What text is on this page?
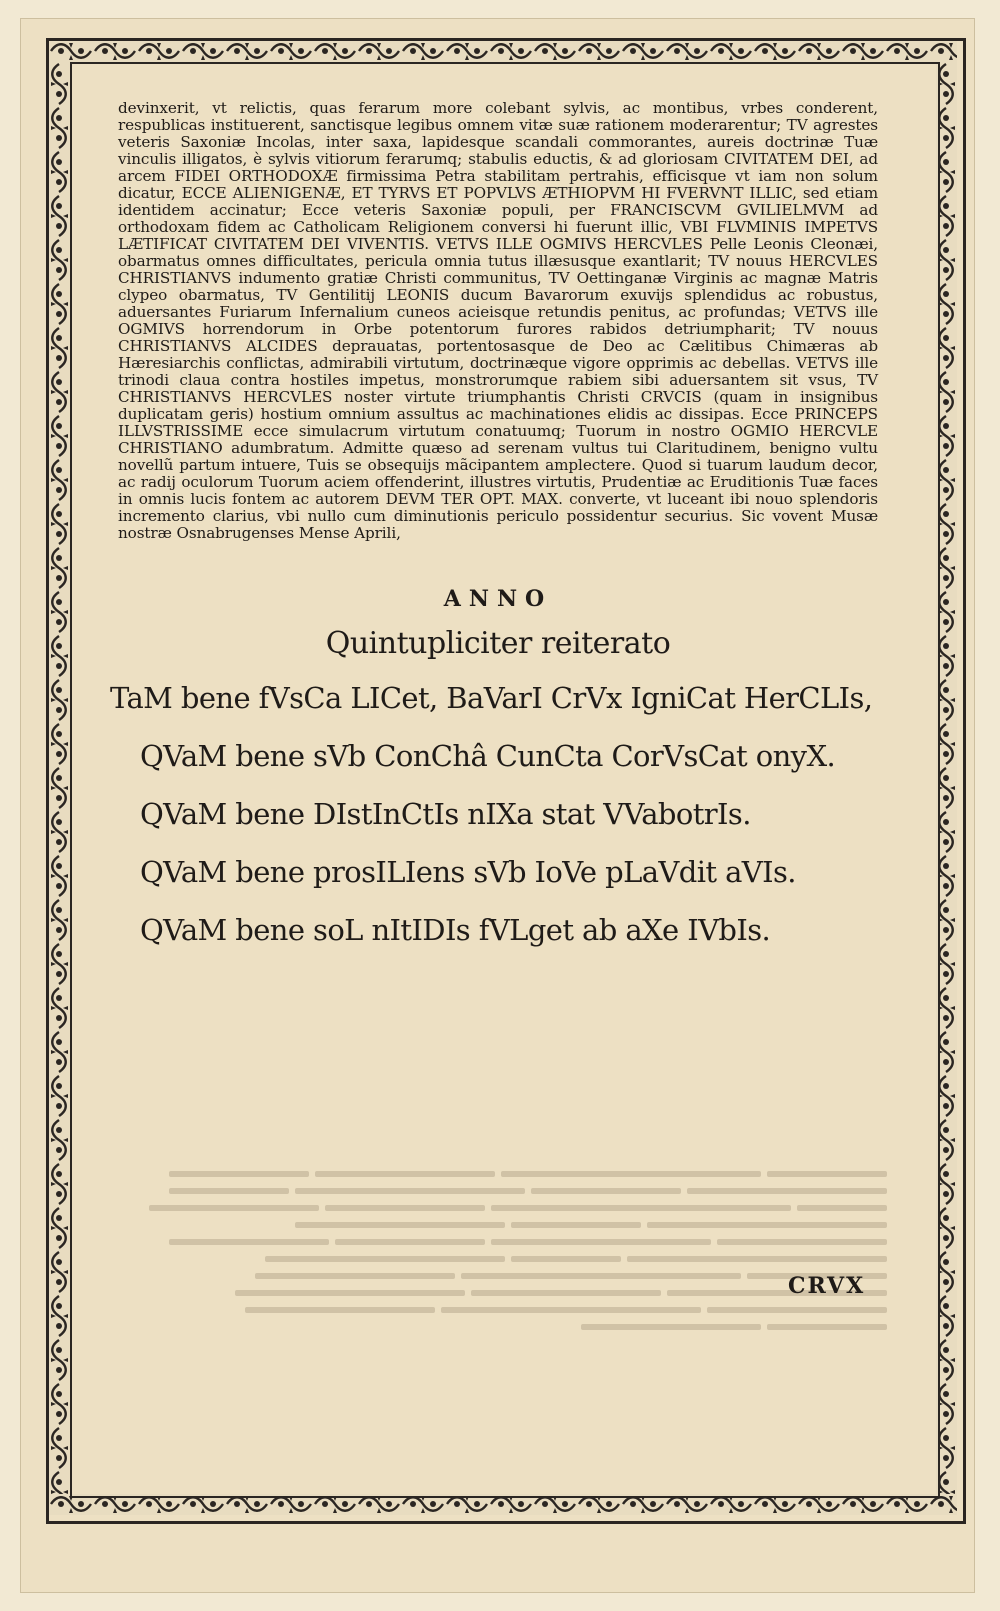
devinxerit, vt relictis, quas ferarum more colebant sylvis, ac montibus, vrbes conderent, respublicas instituerent, sanctisque legibus omnem vitæ suæ rationem moderarentur; TV agrestes veteris Saxoniæ Incolas, inter saxa, lapidesque scandali commorantes, aureis doctrinæ Tuæ vinculis illigatos, è sylvis vitiorum ferarumq; stabulis eductis, & ad gloriosam CIVITATEM DEI, ad arcem FIDEI ORTHODOXÆ firmissima Petra stabilitam pertrahis, efficisque vt iam non solum dicatur, ECCE ALIENIGENÆ, ET TYRVS ET POPVLVS ÆTHIOPVM HI FVERVNT ILLIC, sed etiam identidem accinatur; Ecce veteris Saxoniæ populi, per FRANCISCVM GVILIELMVM ad orthodoxam fidem ac Catholicam Religionem conversi hi fuerunt illic, VBI FLVMINIS IMPETVS LÆTIFICAT CIVITATEM DEI VIVENTIS. VETVS ILLE OGMIVS HERCVLES Pelle Leonis Cleonæi, obarmatus omnes difficultates, pericula omnia tutus illæsusque exantlarit; TV nouus HERCVLES CHRISTIANVS indumento gratiæ Christi communitus, TV Oettinganæ Virginis ac magnæ Matris clypeo obarmatus, TV Gentilitij LEONIS ducum Bavarorum exuvijs splendidus ac robustus, aduersantes Furiarum Infernalium cuneos acieisque retundis penitus, ac profundas; VETVS ille OGMIVS horrendorum in Orbe potentorum furores rabidos detriumpharit; TV nouus CHRISTIANVS ALCIDES deprauatas, portentosasque de Deo ac Cælitibus Chimæras ab Hæresiarchis conflictas, admirabili virtutum, doctrinæque vigore opprimis ac debellas. VETVS ille trinodi claua contra hostiles impetus, monstrorumque rabiem sibi aduersantem sit vsus, TV CHRISTIANVS HERCVLES noster virtute triumphantis Christi CRVCIS (quam in insignibus duplicatam geris) hostium omnium assultus ac machinationes elidis ac dissipas. Ecce PRINCEPS ILLVSTRISSIME ecce simulacrum virtutum conatuumq; Tuorum in nostro OGMIO HERCVLE CHRISTIANO adumbratum. Admitte quæso ad serenam vultus tui Claritudinem, benigno vultu novellũ partum intuere, Tuis se obsequijs mãcipantem amplectere. Quod si tuarum laudum decor, ac radij oculorum Tuorum aciem offenderint, illustres virtutis, Prudentiæ ac Eruditionis Tuæ faces in omnis lucis fontem ac autorem DEVM TER OPT. MAX. converte, vt luceant ibi nouo splendoris incremento clarius, vbi nullo cum diminutionis periculo possidentur securius. Sic vovent Musæ nostræ Osnabrugenses Mense Aprili,

ANNO
Quintupliciter reiterato
TaM bene fVsCa LICet, BaVarI CrVx IgniCat HerCLIs,
QVaM bene sVb ConChâ CunCta CorVsCat onyX.
QVaM bene DIstInCtIs nIXa stat VVabotrIs.
QVaM bene prosILIens sVb IoVe pLaVdit aVIs.
QVaM bene soL nItIDIs fVLget ab aXe IVbIs.
CRVX
